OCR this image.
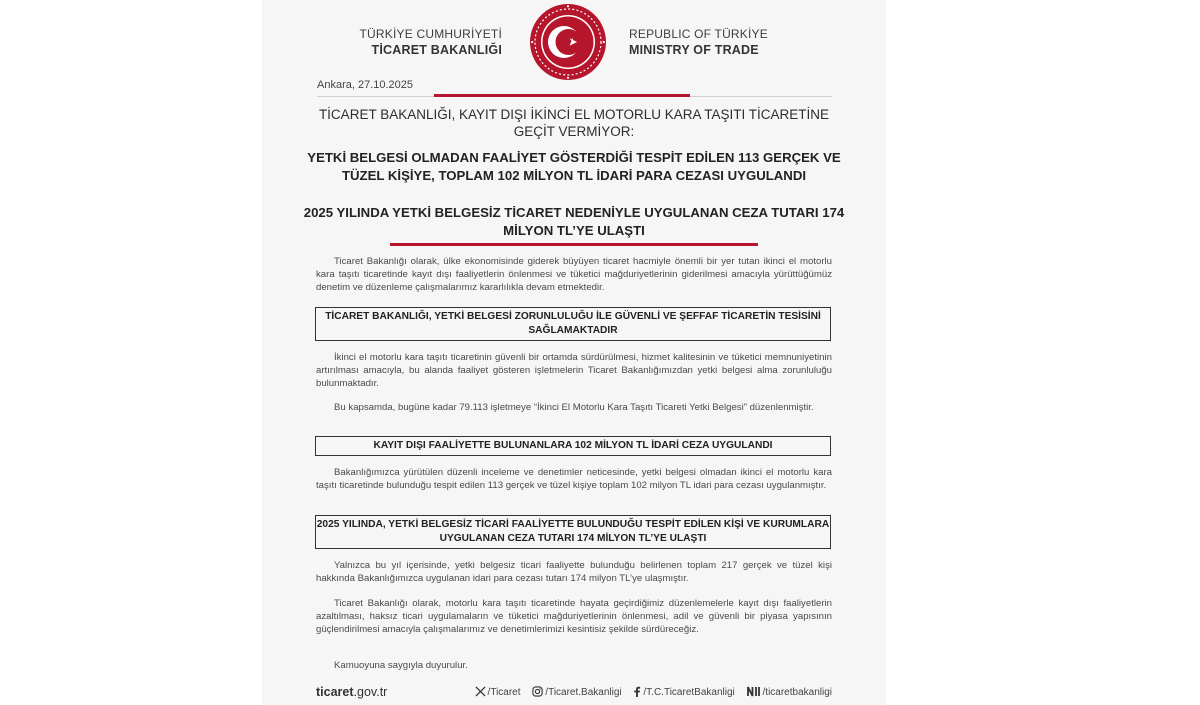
TÜRKİYE CUMHURİYETİ
TİCARET BAKANLIĞI
REPUBLIC OF TÜRKİYE
MINISTRY OF TRADE
Ankara, 27.10.2025
TİCARET BAKANLIĞI, KAYIT DIŞI İKİNCİ EL MOTORLU KARA TAŞITI TİCARETİNE GEÇİT VERMİYOR:
YETKİ BELGESİ OLMADAN FAALİYET GÖSTERDİĞİ TESPİT EDİLEN 113 GERÇEK VE TÜZEL KİŞİYE, TOPLAM 102 MİLYON TL İDARİ PARA CEZASI UYGULANDI
2025 YILINDA YETKİ BELGESİZ TİCARET NEDENİYLE UYGULANAN CEZA TUTARI 174 MİLYON TL’YE ULAŞTI
Ticaret Bakanlığı olarak, ülke ekonomisinde giderek büyüyen ticaret hacmiyle önemli bir yer tutan ikinci el motorlu kara taşıtı ticaretinde kayıt dışı faaliyetlerin önlenmesi ve tüketici mağduriyetlerinin giderilmesi amacıyla yürüttüğümüz denetim ve düzenleme çalışmalarımız kararlılıkla devam etmektedir.
TİCARET BAKANLIĞI, YETKİ BELGESİ ZORUNLULUĞU İLE GÜVENLİ VE ŞEFFAF TİCARETİN TESİSİNİ SAĞLAMAKTADIR
İkinci el motorlu kara taşıtı ticaretinin güvenli bir ortamda sürdürülmesi, hizmet kalitesinin ve tüketici memnuniyetinin artırılması amacıyla, bu alanda faaliyet gösteren işletmelerin Ticaret Bakanlığımızdan yetki belgesi alma zorunluluğu bulunmaktadır.
Bu kapsamda, bugüne kadar 79.113 işletmeye “İkinci El Motorlu Kara Taşıtı Ticareti Yetki Belgesi” düzenlenmiştir.
KAYIT DIŞI FAALİYETTE BULUNANLARA 102 MİLYON TL İDARİ CEZA UYGULANDI
Bakanlığımızca yürütülen düzenli inceleme ve denetimler neticesinde, yetki belgesi olmadan ikinci el motorlu kara taşıtı ticaretinde bulunduğu tespit edilen 113 gerçek ve tüzel kişiye toplam 102 milyon TL idari para cezası uygulanmıştır.
2025 YILINDA, YETKİ BELGESİZ TİCARİ FAALİYETTE BULUNDUĞU TESPİT EDİLEN KİŞİ VE KURUMLARA UYGULANAN CEZA TUTARI 174 MİLYON TL’YE ULAŞTI
Yalnızca bu yıl içerisinde, yetki belgesiz ticari faaliyette bulunduğu belirlenen toplam 217 gerçek ve tüzel kişi hakkında Bakanlığımızca uygulanan idari para cezası tutarı 174 milyon TL’ye ulaşmıştır.
Ticaret Bakanlığı olarak, motorlu kara taşıtı ticaretinde hayata geçirdiğimiz düzenlemelerle kayıt dışı faaliyetlerin azaltılması, haksız ticari uygulamaların ve tüketici mağduriyetlerinin önlenmesi, adil ve güvenli bir piyasa yapısının güçlendirilmesi amacıyla çalışmalarımız ve denetimlerimizi kesintisiz şekilde sürdüreceğiz.
Kamuoyuna saygıyla duyurulur.
ticaret.gov.tr	/Ticaret /Ticaret.Bakanligi /T.C.TicaretBakanligi	/ticaretbakanligi
